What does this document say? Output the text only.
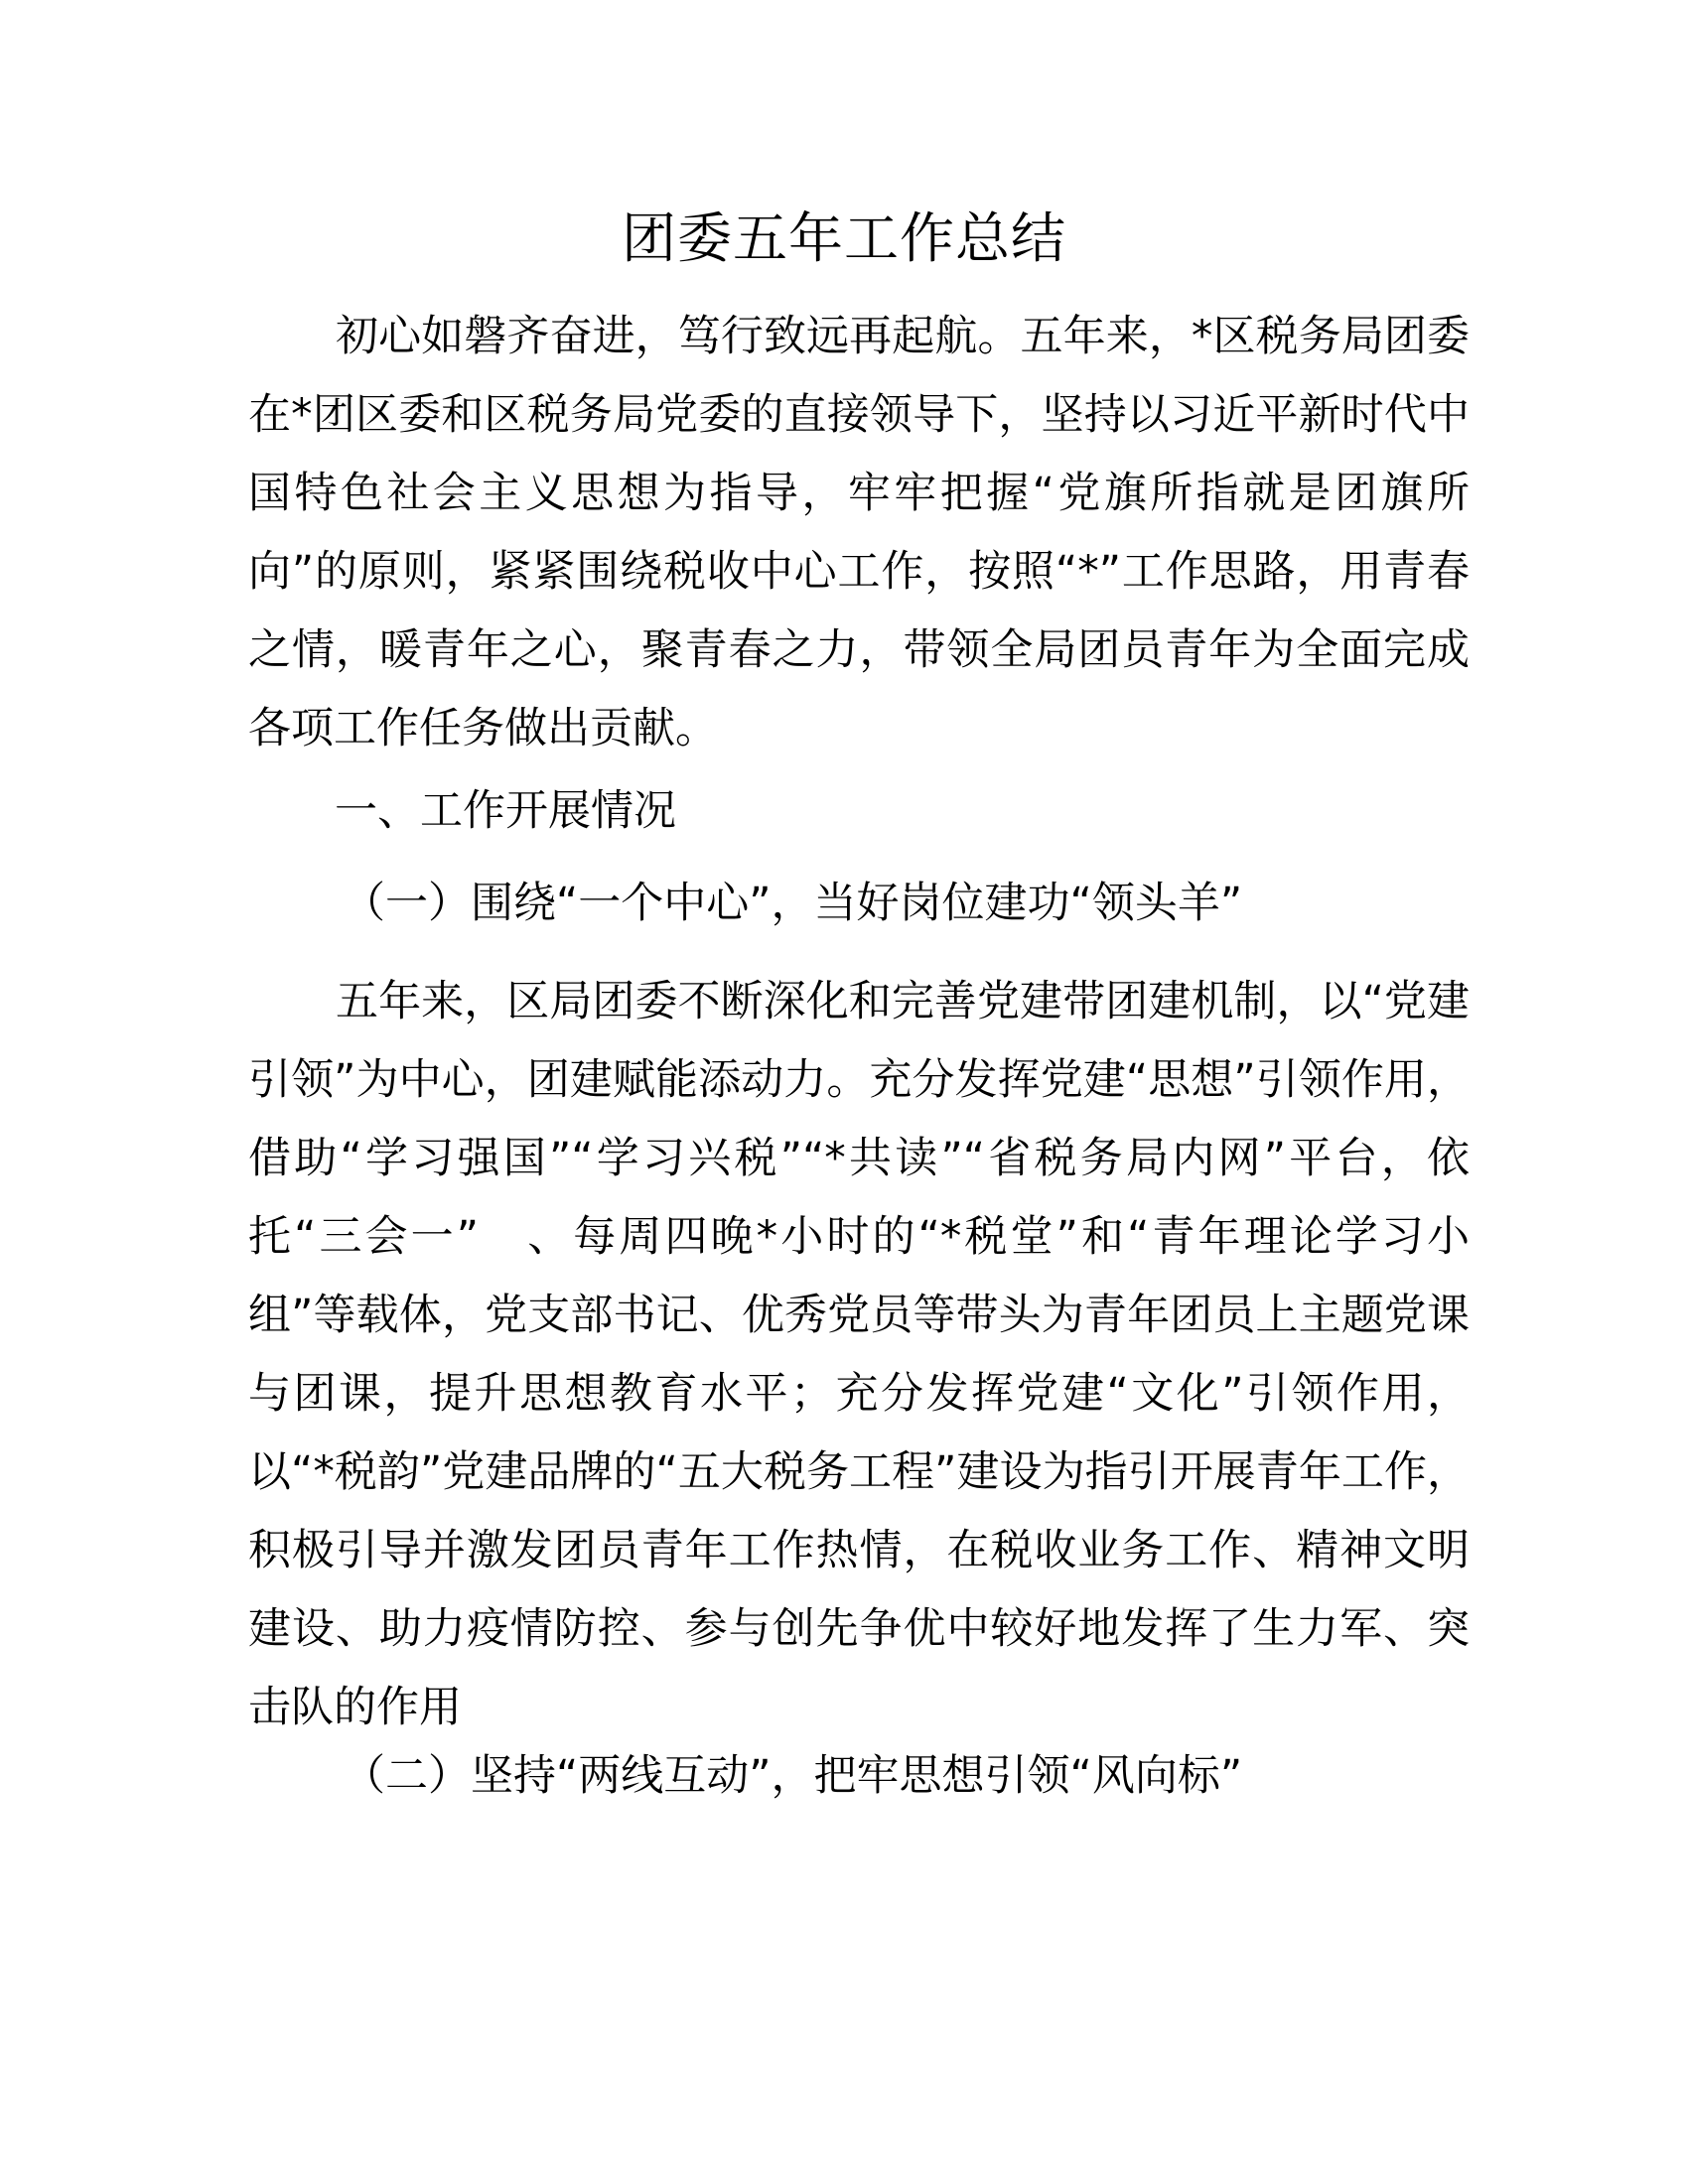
团委五年工作总结

初心如磐齐奋进，笃行致远再起航。五年来，*区税务局团委在*团区委和区税务局党委的直接领导下，坚持以习近平新时代中国特色社会主义思想为指导，牢牢把握“党旗所指就是团旗所向”的原则，紧紧围绕税收中心工作，按照“*”工作思路，用青春之情，暖青年之心，聚青春之力，带领全局团员青年为全面完成各项工作任务做出贡献。

一、工作开展情况

（一）围绕“一个中心”，当好岗位建功“领头羊”

五年来，区局团委不断深化和完善党建带团建机制，以“党建引领”为中心，团建赋能添动力。充分发挥党建“思想”引领作用，借助“学习强国”“学习兴税”“*共读”“省税务局内网”平台，依托“三会一”　、每周四晚*小时的“*税堂”和“青年理论学习小组”等载体，党支部书记、优秀党员等带头为青年团员上主题党课与团课，提升思想教育水平；充分发挥党建“文化”引领作用，以“*税韵”党建品牌的“五大税务工程”建设为指引开展青年工作，积极引导并激发团员青年工作热情，在税收业务工作、精神文明建设、助力疫情防控、参与创先争优中较好地发挥了生力军、突击队的作用

（二）坚持“两线互动”，把牢思想引领“风向标”
